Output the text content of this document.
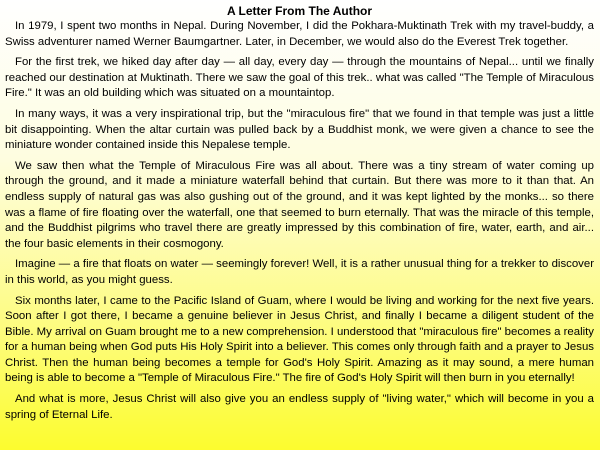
A Letter From The Author

In 1979, I spent two months in Nepal. During November, I did the Pokhara-Muktinath Trek with my travel-buddy, a Swiss adventurer named Werner Baumgartner. Later, in December, we would also do the Everest Trek together.

For the first trek, we hiked day after day — all day, every day — through the mountains of Nepal... until we finally reached our destination at Muktinath. There we saw the goal of this trek.. what was called "The Temple of Miraculous Fire." It was an old building which was situated on a mountaintop.

In many ways, it was a very inspirational trip, but the "miraculous fire" that we found in that temple was just a little bit disappointing. When the altar curtain was pulled back by a Buddhist monk, we were given a chance to see the miniature wonder contained inside this Nepalese temple.

We saw then what the Temple of Miraculous Fire was all about. There was a tiny stream of water coming up through the ground, and it made a miniature waterfall behind that curtain. But there was more to it than that. An endless supply of natural gas was also gushing out of the ground, and it was kept lighted by the monks... so there was a flame of fire floating over the waterfall, one that seemed to burn eternally. That was the miracle of this temple, and the Buddhist pilgrims who travel there are greatly impressed by this combination of fire, water, earth, and air... the four basic elements in their cosmogony.

Imagine — a fire that floats on water — seemingly forever! Well, it is a rather unusual thing for a trekker to discover in this world, as you might guess.

Six months later, I came to the Pacific Island of Guam, where I would be living and working for the next five years. Soon after I got there, I became a genuine believer in Jesus Christ, and finally I became a diligent student of the Bible. My arrival on Guam brought me to a new comprehension. I understood that "miraculous fire" becomes a reality for a human being when God puts His Holy Spirit into a believer. This comes only through faith and a prayer to Jesus Christ. Then the human being becomes a temple for God's Holy Spirit. Amazing as it may sound, a mere human being is able to become a "Temple of Miraculous Fire." The fire of God's Holy Spirit will then burn in you eternally!

And what is more, Jesus Christ will also give you an endless supply of "living water," which will become in you a spring of Eternal Life.
